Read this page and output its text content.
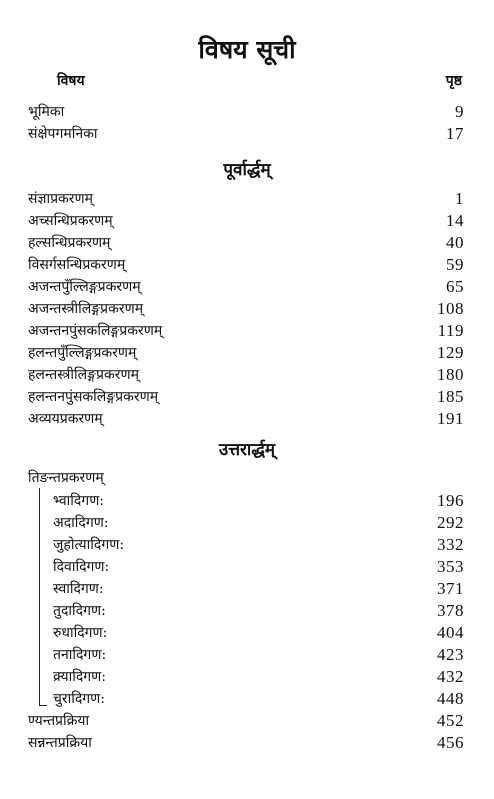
विषय सूची
विषय	पृष्ठ
भूमिका	9
संक्षेपगमनिका	17
पूर्वार्द्धम्
संज्ञाप्रकरणम्	1
अच्सन्धिप्रकरणम्	14
हल्सन्धिप्रकरणम्	40
विसर्गसन्धिप्रकरणम्	59
अजन्तपुँल्लिङ्गप्रकरणम्	65
अजन्तस्त्रीलिङ्गप्रकरणम्	108
अजन्तनपुंसकलिङ्गप्रकरणम्	119
हलन्तपुँल्लिङ्गप्रकरणम्	129
हलन्तस्त्रीलिङ्गप्रकरणम्	180
हलन्तनपुंसकलिङ्गप्रकरणम्	185
अव्ययप्रकरणम्	191
उत्तरार्द्धम्
तिङन्तप्रकरणम्
भ्वादिगण:	196
अदादिगण:	292
जुहोत्यादिगण:	332
दिवादिगण:	353
स्वादिगण:	371
तुदादिगण:	378
रुधादिगण:	404
तनादिगण:	423
क्र्यादिगण:	432
चुरादिगण:	448
ण्यन्तप्रक्रिया	452
सन्नन्तप्रक्रिया	456
